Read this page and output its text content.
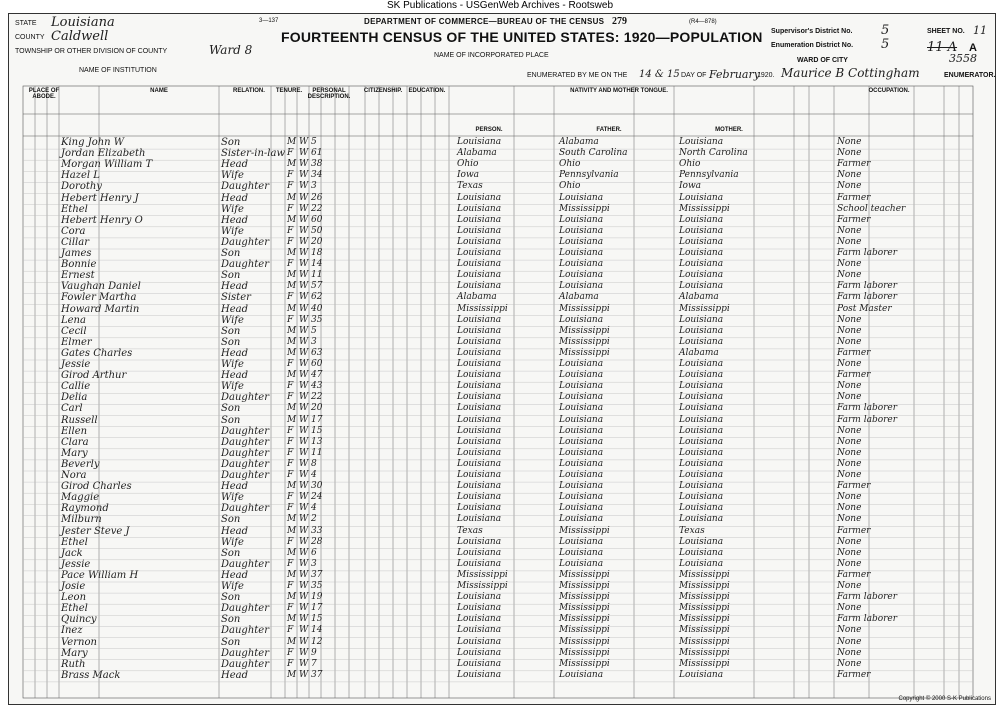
SK Publications - USGenWeb Archives - Rootsweb
3—137	DEPARTMENT OF COMMERCE—BUREAU OF THE CENSUS 279	(R4—878)
FOURTEENTH CENSUS OF THE UNITED STATES: 1920—POPULATION
STATE Louisiana
COUNTY Caldwell
TOWNSHIP OR OTHER DIVISION OF COUNTY	Ward 8
NAME OF INSTITUTION
NAME OF INCORPORATED PLACE
ENUMERATED BY ME ON THE 14 & 15 DAY OF February
1920. Maurice B Cottingham	ENUMERATOR.
Supervisor's District No. 5
Enumeration District No. 5
WARD OF CITY
SHEET NO. 11
A
11 A
3558
PLACE OF ABODE.
NAME	RELATION.	TENURE.	PERSONAL DESCRIPTION.
CITIZENSHIP.	EDUCATION.	NATIVITY AND MOTHER TONGUE.	OCCUPATION.
PERSON.	FATHER.	MOTHER.
King John W	Son	M W 5	Louisiana	Alabama	Louisiana	None
Jordan Elizabeth	Sister-in-law F W 61	Alabama	South Carolina	North Carolina	None
Morgan William T	Head	M W 38	Ohio	Ohio	Ohio	Farmer
Hazel L	Wife	F W 34	Iowa	Pennsylvania	Pennsylvania	None
Dorothy	Daughter F W 3	Texas	Ohio	Iowa	None
Hebert Henry J	Head	M W 26	Louisiana	Louisiana	Louisiana	Farmer
Ethel	Wife	F W 22	Louisiana	Mississippi	Mississippi	School teacher
Hebert Henry O	Head	M W 60	Louisiana	Louisiana	Louisiana	Farmer
Cora	Wife	F W 50	Louisiana	Louisiana	Louisiana	None
Cillar	Daughter F W 20	Louisiana	Louisiana	Louisiana	None
James	Son	M W 18	Louisiana	Louisiana	Louisiana	Farm laborer
Bonnie	Daughter F W 14	Louisiana	Louisiana	Louisiana	None
Ernest	Son	M W 11	Louisiana	Louisiana	Louisiana	None
Vaughan Daniel	Head	M W 57	Louisiana	Louisiana	Louisiana	Farm laborer
Fowler Martha	Sister	F W 62	Alabama	Alabama	Alabama	Farm laborer
Howard Martin	Head	M W 40	Mississippi	Mississippi	Mississippi	Post Master
Lena	Wife	F W 35	Louisiana	Louisiana	Louisiana	None
Cecil	Son	M W 5	Louisiana	Mississippi	Louisiana	None
Elmer	Son	M W 3	Louisiana	Mississippi	Louisiana	None
Gates Charles	Head	M W 63	Louisiana	Mississippi	Alabama	Farmer
Jessie	Wife	F W 60	Louisiana	Louisiana	Louisiana	None
Girod Arthur	Head	M W 47	Louisiana	Louisiana	Louisiana	Farmer
Callie	Wife	F W 43	Louisiana	Louisiana	Louisiana	None
Delia	Daughter F W 22	Louisiana	Louisiana	Louisiana	None
Carl	Son	M W 20	Louisiana	Louisiana	Louisiana	Farm laborer
Russell	Son	M W 17	Louisiana	Louisiana	Louisiana	Farm laborer
Ellen	Daughter F W 15	Louisiana	Louisiana	Louisiana	None
Clara	Daughter F W 13	Louisiana	Louisiana	Louisiana	None
Mary	Daughter F W 11	Louisiana	Louisiana	Louisiana	None
Beverly	Daughter F W 8	Louisiana	Louisiana	Louisiana	None
Nora	Daughter F W 4	Louisiana	Louisiana	Louisiana	None
Girod Charles	Head	M W 30	Louisiana	Louisiana	Louisiana	Farmer
Maggie	Wife	F W 24	Louisiana	Louisiana	Louisiana	None
Raymond	Daughter F W 4	Louisiana	Louisiana	Louisiana	None
Milburn	Son	M W 2	Louisiana	Louisiana	Louisiana	None
Jester Steve J	Head	M W 33	Texas	Mississippi	Texas	Farmer
Ethel	Wife	F W 28	Louisiana	Louisiana	Louisiana	None
Jack	Son	M W 6	Louisiana	Louisiana	Louisiana	None
Jessie	Daughter F W 3	Louisiana	Louisiana	Louisiana	None
Pace William H	Head	M W 37	Mississippi	Mississippi	Mississippi	Farmer
Josie	Wife	F W 35	Mississippi	Mississippi	Mississippi	None
Leon	Son	M W 19	Louisiana	Mississippi	Mississippi	Farm laborer
Ethel	Daughter F W 17	Louisiana	Mississippi	Mississippi	None
Quincy	Son	M W 15	Louisiana	Mississippi	Mississippi	Farm laborer
Inez	Daughter F W 14	Louisiana	Mississippi	Mississippi	None
Vernon	Son	M W 12	Louisiana	Mississippi	Mississippi	None
Mary	Daughter F W 9	Louisiana	Mississippi	Mississippi	None
Ruth	Daughter F W 7	Louisiana	Mississippi	Mississippi	None
Brass Mack	Head	M W 37	Louisiana	Louisiana	Louisiana	Farmer
Copyright © 2000 S-K Publications
